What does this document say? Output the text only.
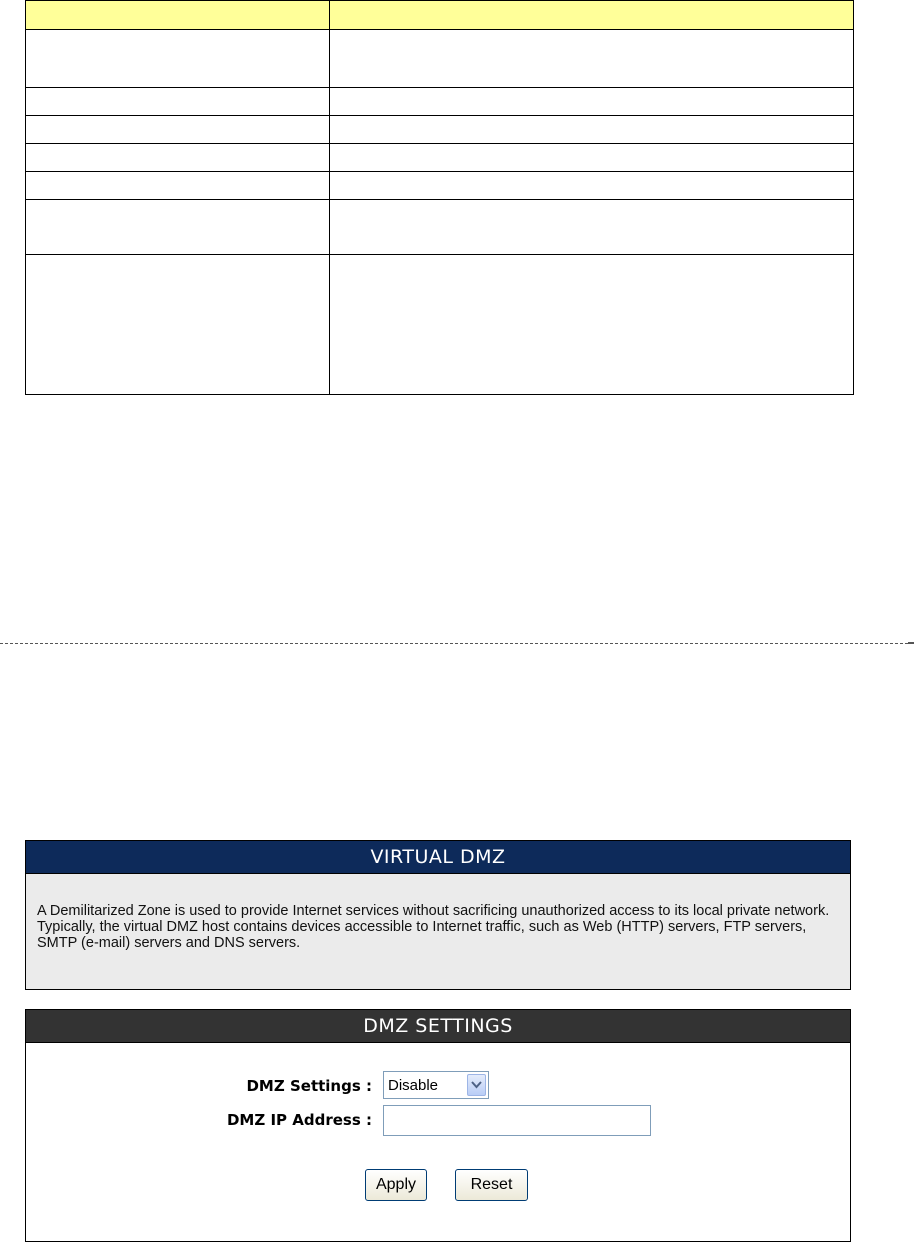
VIRTUAL DMZ
A Demilitarized Zone is used to provide Internet services without sacrificing unauthorized access to its local private network. Typically, the virtual DMZ host contains devices accessible to Internet traffic, such as Web (HTTP) servers, FTP servers, SMTP (e-mail) servers and DNS servers.
DMZ SETTINGS
DMZ Settings : Disable
DMZ IP Address :
Apply	Reset
